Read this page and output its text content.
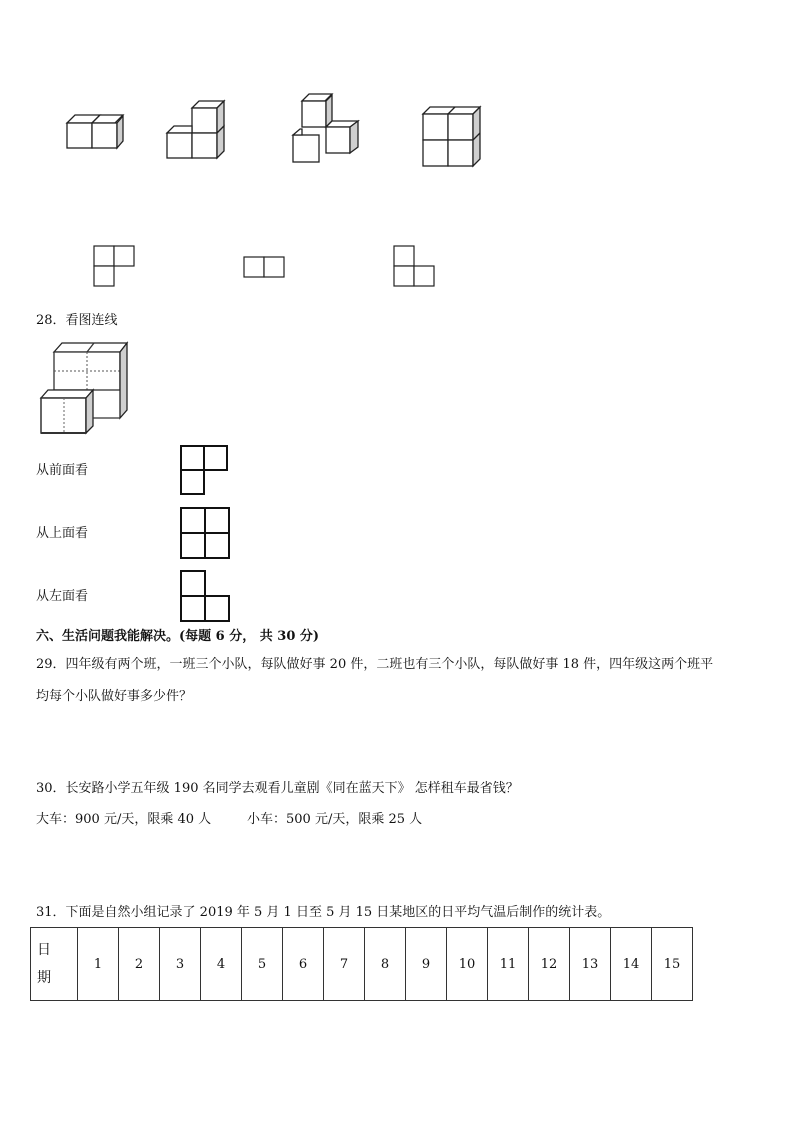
28．看图连线
从前面看
从上面看
从左面看
六、生活问题我能解决。(每题 6 分， 共 30 分)
29．四年级有两个班，一班三个小队，每队做好事 20 件，二班也有三个小队，每队做好事 18 件，四年级这两个班平
均每个小队做好事多少件？
30．长安路小学五年级 190 名同学去观看儿童剧《同在蓝天下》 怎样租车最省钱？
大车：900 元/天，限乘 40 人	小车：500 元/天，限乘 25 人
31．下面是自然小组记录了 2019 年 5 月 1 日至 5 月 15 日某地区的日平均气温后制作的统计表。
日
期	1	2	3	4	5	6	7	8	9	10	11	12	13	14	15
